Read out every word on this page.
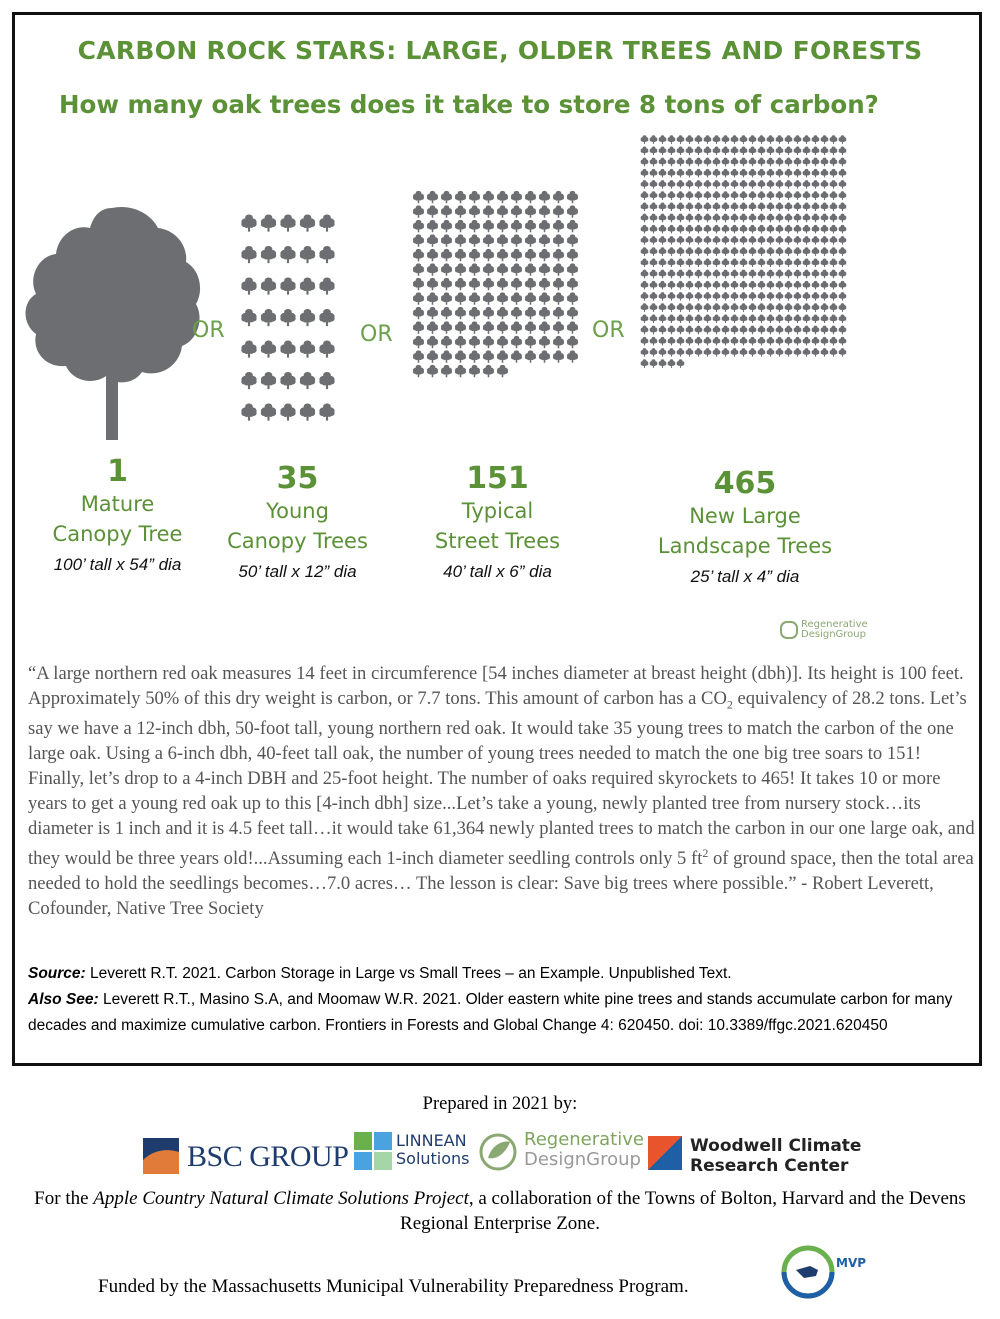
CARBON ROCK STARS: LARGE, OLDER TREES AND FORESTS
How many oak trees does it take to store 8 tons of carbon?
OR	OR	OR
1
Mature
Canopy Tree
100’ tall x 54” dia
35
Young
Canopy Trees
50’ tall x 12” dia
151
Typical
Street Trees
40’ tall x 6” dia
465
New Large
Landscape Trees
25’ tall x 4” dia
Regenerative
DesignGroup
“A large northern red oak measures 14 feet in circumference [54 inches diameter at breast height (dbh)]. Its height is 100 feet. Approximately 50% of this dry weight is carbon, or 7.7 tons. This amount of carbon has a $CO_2$ equivalency of 28.2 tons. Let’s say we have a 12-inch dbh, 50-foot tall, young northern red oak. It would take 35 young trees to match the carbon of the one large oak. Using a 6-inch dbh, 40-feet tall oak, the number of young trees needed to match the one big tree soars to 151! Finally, let’s drop to a 4-inch DBH and 25-foot height. The number of oaks required skyrockets to 465! It takes 10 or more years to get a young red oak up to this [4-inch dbh] size...Let’s take a young, newly planted tree from nursery stock…its diameter is 1 inch and it is 4.5 feet tall…it would take 61,364 newly planted trees to match the carbon in our one large oak, and they would be three years old!...Assuming each 1-inch diameter seedling controls only 5 $ft^2$ of ground space, then the total area needed to hold the seedlings becomes…7.0 acres… The lesson is clear: Save big trees where possible.” - Robert Leverett, Cofounder, Native Tree Society
Source: Leverett R.T. 2021. Carbon Storage in Large vs Small Trees – an Example. Unpublished Text.
Also See: Leverett R.T., Masino S.A, and Moomaw W.R. 2021. Older eastern white pine trees and stands accumulate carbon for many decades and maximize cumulative carbon. Frontiers in Forests and Global Change 4: 620450. doi: 10.3389/ffgc.2021.620450
Prepared in 2021 by:
BSC GROUP	LINNEAN
Solutions
Regenerative
DesignGroup
Woodwell Climate
Research Center
For the Apple Country Natural Climate Solutions Project, a collaboration of the Towns of Bolton, Harvard and the Devens Regional Enterprise Zone.
Funded by the Massachusetts Municipal Vulnerability Preparedness Program.
MVP
